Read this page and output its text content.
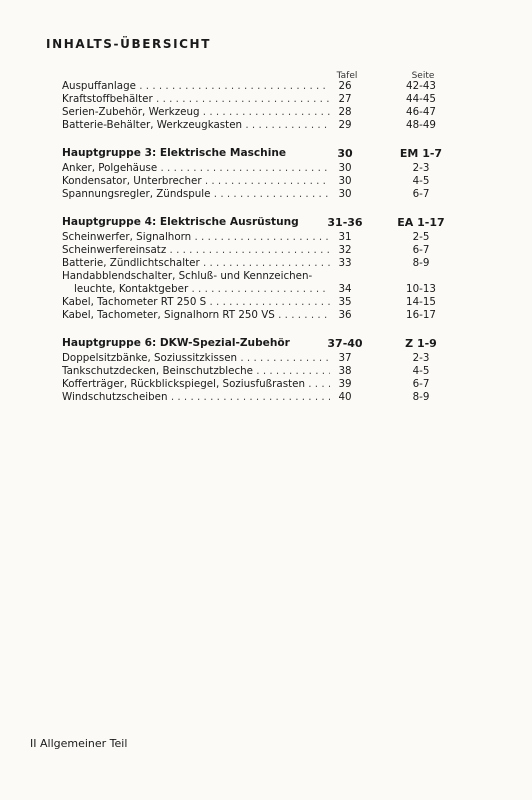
INHALTS-ÜBERSICHT
Tafel	Seite
Auspuffanlage . .	26	42-43
Kraftstoffbehälter . .	27	44-45
Serien-Zubehör, Werkzeug . .	28	46-47
Batterie-Behälter, Werkzeugkasten . .	29	48-49
Hauptgruppe 3: Elektrische Maschine	30	EM 1-7
Anker, Polgehäuse . .	30	2-3
Kondensator, Unterbrecher . .	30	4-5
Spannungsregler, Zündspule . .	30	6-7
Hauptgruppe 4: Elektrische Ausrüstung	31-36	EA 1-17
Scheinwerfer, Signalhorn . .	31	2-5
Scheinwerfereinsatz . .	32	6-7
Batterie, Zündlichtschalter . .	33	8-9
Handabblendschalter, Schluß- und Kennzeichen-
leuchte, Kontaktgeber . .	34	10-13
Kabel, Tachometer RT 250 S . .	35	14-15
Kabel, Tachometer, Signalhorn RT 250 VS . .	36	16-17
Hauptgruppe 6: DKW-Spezial-Zubehör	37-40	Z 1-9
Doppelsitzbänke, Soziussitzkissen . .	37	2-3
Tankschutzdecken, Beinschutzbleche . .	38	4-5
Kofferträger, Rückblickspiegel, Soziusfußrasten . .	39	6-7
Windschutzscheiben . .	40	8-9
II Allgemeiner Teil
